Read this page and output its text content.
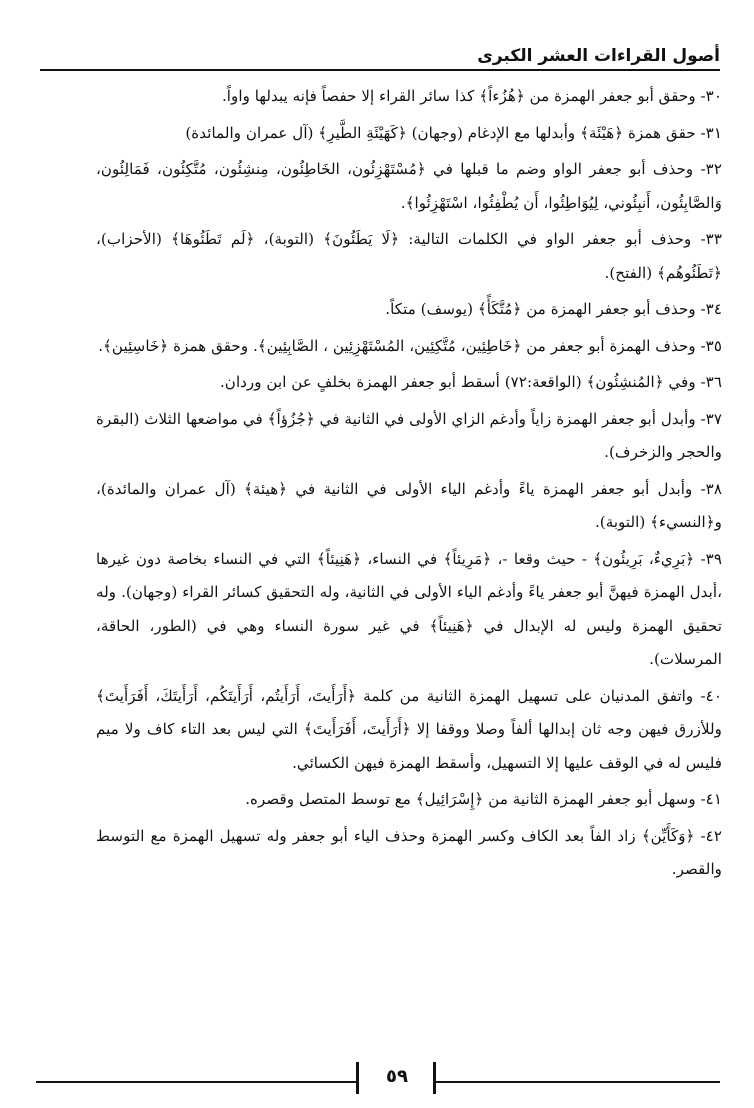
أصول القراءات العشر الكبرى

٣٠- وحقق أبو جعفر الهمزة من ﴿هُزُءاً﴾ كذا سائر القراء إلا حفصاً فإنه يبدلها واواً.

٣١- حقق همزة ﴿هَيْئَة﴾ وأبدلها مع الإدغام (وجهان) ﴿كَهَيْئَةِ الطَّيرِ﴾ (آل عمران والمائدة)

٣٢- وحذف أبو جعفر الواو وضم ما قبلها في ﴿مُسْتَهْزِئُون، الخَاطِئُون، مِنشِئُون، مُتَّكِئُون، فَمَالِئُون، وَالصَّابِئُون، أَنبِئُوني، لِيُوَاطِئُوا، أَن يُطْفِئُوا، اسْتَهْزِئُوا﴾.

٣٣- وحذف أبو جعفر الواو في الكلمات التالية: ﴿لَا يَطَئُونَ﴾ (التوبة)، ﴿لَم تَطَئُوهَا﴾ (الأحزاب)، ﴿تَطَئُوهُم﴾ (الفتح).

٣٤- وحذف أبو جعفر الهمزة من ﴿مُتَّكَأً﴾ (يوسف) متكاً.

٣٥- وحذف الهمزة أبو جعفر من ﴿خَاطِئِين، مُتَّكِئِين، المُسْتَهْزِئِين ، الصَّابِئِين﴾. وحقق همزة ﴿خَاسِئِين﴾.

٣٦- وفي ﴿المُنشِئُون﴾ (الواقعة:٧٢) أسقط أبو جعفر الهمزة بخلفٍ عن ابن وردان.

٣٧- وأبدل أبو جعفر الهمزة زاياً وأدغم الزاي الأولى في الثانية في ﴿جُزُؤاً﴾ في مواضعها الثلاث (البقرة والحجر والزخرف).

٣٨- وأبدل أبو جعفر الهمزة ياءً وأدغم الياء الأولى في الثانية في ﴿هيئة﴾ (آل عمران والمائدة)، و﴿النسيء﴾ (التوبة).

٣٩- ﴿بَرِيءٌ، بَرِيئُون﴾ - حيث وقعا -، ﴿مَرِيئاً﴾ في النساء، ﴿هَنِيئاً﴾ التي في النساء بخاصة دون غيرها ،أبدل الهمزة فيهنَّ أبو جعفر ياءً وأدغم الياء الأولى في الثانية، وله التحقيق كسائر القراء (وجهان). وله تحقيق الهمزة وليس له الإبدال في ﴿هَنِيئاً﴾ في غير سورة النساء وهي في (الطور، الحاقة، المرسلات).

٤٠- واتفق المدنيان على تسهيل الهمزة الثانية من كلمة ﴿أَرَأَيتَ، أَرَأَيتُم، أَرَأَيتَكُم، أَرَأَيتَكَ، أَفَرَأَيتَ﴾ وللأزرق فيهن وجه ثان إبدالها ألفاً وصلا ووقفا إلا ﴿أَرَأَيتَ، أَفَرَأَيتَ﴾ التي ليس بعد التاء كاف ولا ميم فليس له في الوقف عليها إلا التسهيل، وأسقط الهمزة فيهن الكسائي.

٤١- وسهل أبو جعفر الهمزة الثانية من ﴿إِسْرَائِيل﴾ مع توسط المتصل وقصره.

٤٢- ﴿وَكَأَيِّن﴾ زاد الفاً بعد الكاف وكسر الهمزة وحذف الياء أبو جعفر وله تسهيل الهمزة مع التوسط والقصر.

٥٩
